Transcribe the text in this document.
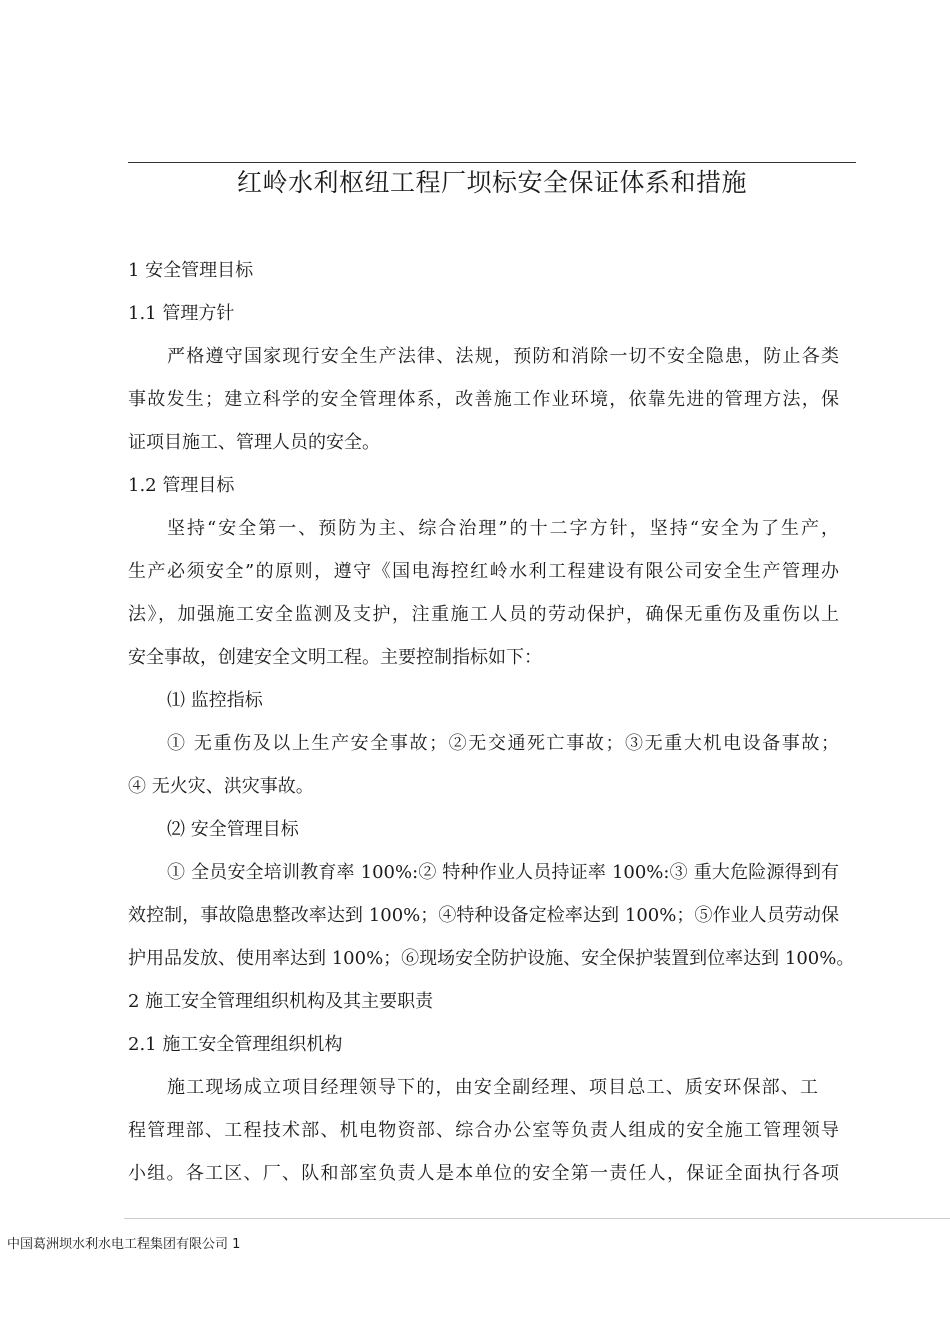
红岭水利枢纽工程厂坝标安全保证体系和措施
1 安全管理目标
1.1 管理方针
严格遵守国家现行安全生产法律、法规，预防和消除一切不安全隐患，防止各类
事故发生；建立科学的安全管理体系，改善施工作业环境，依靠先进的管理方法，保
证项目施工、管理人员的安全。
1.2 管理目标
坚持“安全第一、预防为主、综合治理”的十二字方针，坚持“安全为了生产，
生产必须安全”的原则，遵守《国电海控红岭水利工程建设有限公司安全生产管理办
法》，加强施工安全监测及支护，注重施工人员的劳动保护，确保无重伤及重伤以上
安全事故，创建安全文明工程。主要控制指标如下：
⑴ 监控指标
① 无重伤及以上生产安全事故；②无交通死亡事故；③无重大机电设备事故；
④ 无火灾、洪灾事故。
⑵ 安全管理目标
① 全员安全培训教育率 100%:② 特种作业人员持证率 100%:③ 重大危险源得到有
效控制，事故隐患整改率达到 100%；④特种设备定检率达到 100%；⑤作业人员劳动保
护用品发放、使用率达到 100%；⑥现场安全防护设施、安全保护装置到位率达到 100%。
2 施工安全管理组织机构及其主要职责
2.1 施工安全管理组织机构
施工现场成立项目经理领导下的，由安全副经理、项目总工、质安环保部、工
程管理部、工程技术部、机电物资部、综合办公室等负责人组成的安全施工管理领导
小组。各工区、厂、队和部室负责人是本单位的安全第一责任人，保证全面执行各项
中国葛洲坝水利水电工程集团有限公司 1
